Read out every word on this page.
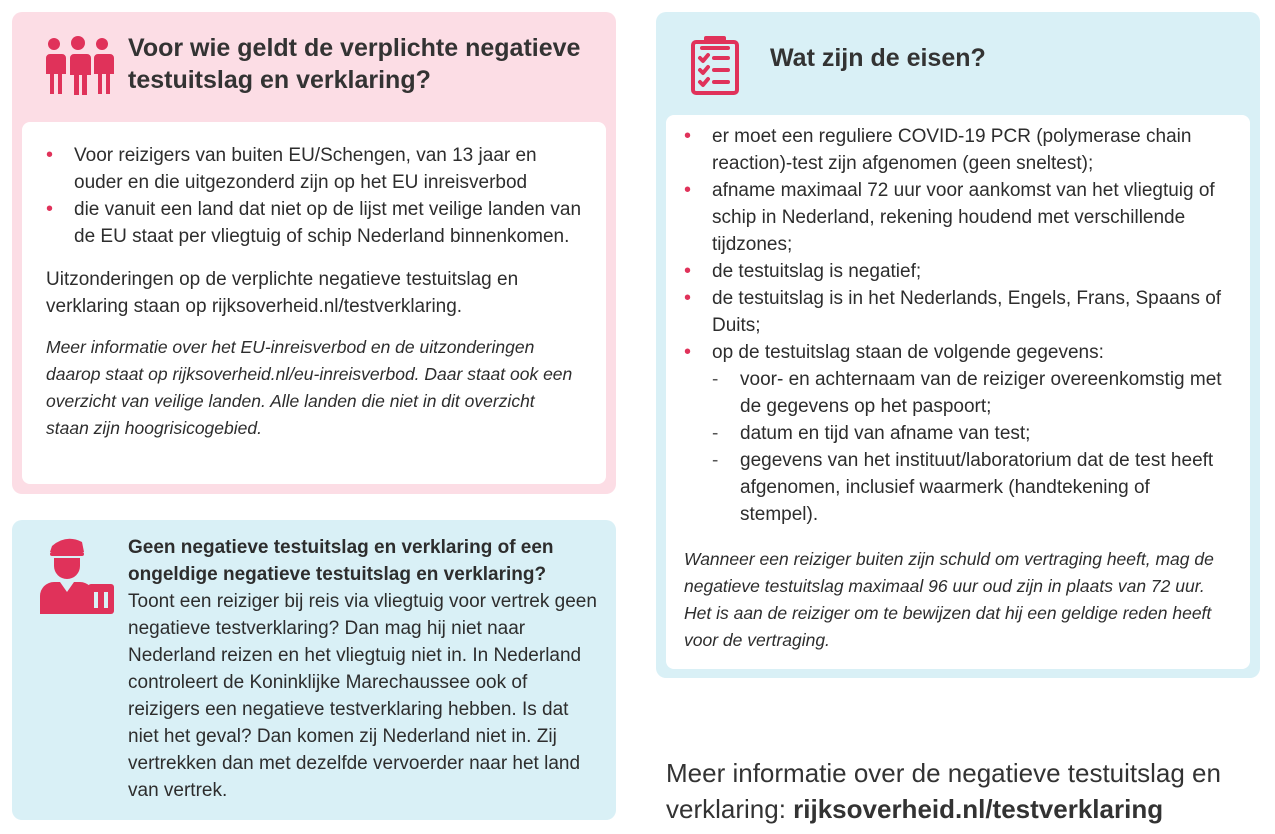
Voor wie geldt de verplichte negatieve testuitslag en verklaring?
• Voor reizigers van buiten EU/Schengen, van 13 jaar en ouder en die uitgezonderd zijn op het EU inreisverbod
• die vanuit een land dat niet op de lijst met veilige landen van de EU staat per vliegtuig of schip Nederland binnenkomen.

Uitzonderingen op de verplichte negatieve testuitslag en verklaring staan op rijksoverheid.nl/testverklaring.

Meer informatie over het EU-inreisverbod en de uitzonderingen daarop staat op rijksoverheid.nl/eu-inreisverbod. Daar staat ook een overzicht van veilige landen. Alle landen die niet in dit overzicht staan zijn hoogrisicogebied.

Geen negatieve testuitslag en verklaring of een ongeldige negatieve testuitslag en verklaring?
Toont een reiziger bij reis via vliegtuig voor vertrek geen negatieve testverklaring? Dan mag hij niet naar Nederland reizen en het vliegtuig niet in. In Nederland controleert de Koninklijke Marechaussee ook of reizigers een negatieve testverklaring hebben. Is dat niet het geval? Dan komen zij Nederland niet in. Zij vertrekken dan met dezelfde vervoerder naar het land van vertrek.
Wat zijn de eisen?
• er moet een reguliere COVID-19 PCR (polymerase chain reaction)-test zijn afgenomen (geen sneltest);
• afname maximaal 72 uur voor aankomst van het vliegtuig of schip in Nederland, rekening houdend met verschillende tijdzones;
• de testuitslag is negatief;
• de testuitslag is in het Nederlands, Engels, Frans, Spaans of Duits;
• op de testuitslag staan de volgende gegevens:
- voor- en achternaam van de reiziger overeenkomstig met de gegevens op het paspoort;
- datum en tijd van afname van test;
- gegevens van het instituut/laboratorium dat de test heeft afgenomen, inclusief waarmerk (handtekening of stempel).

Wanneer een reiziger buiten zijn schuld om vertraging heeft, mag de negatieve testuitslag maximaal 96 uur oud zijn in plaats van 72 uur. Het is aan de reiziger om te bewijzen dat hij een geldige reden heeft voor de vertraging.

Meer informatie over de negatieve testuitslag en verklaring: rijksoverheid.nl/testverklaring
